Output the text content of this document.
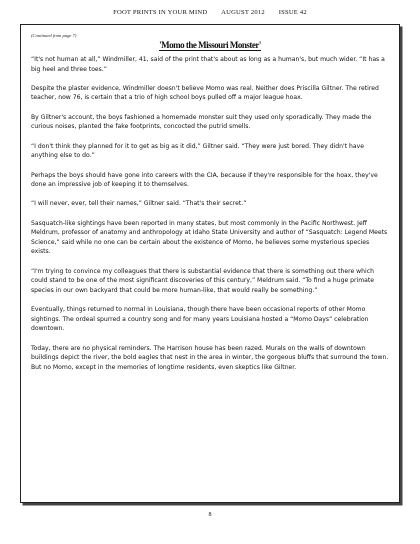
FOOT PRINTS IN YOUR MIND AUGUST 2012 ISSUE 42

(Continued from page 7)

'Momo the Missouri Monster'

“It's not human at all,” Windmiller, 41, said of the print that's about as long as a human's, but much wider. “It has a big heel and three toes.”

Despite the plaster evidence, Windmiller doesn't believe Momo was real. Neither does Priscilla Giltner. The retired teacher, now 76, is certain that a trio of high school boys pulled off a major league hoax.

By Giltner's account, the boys fashioned a homemade monster suit they used only sporadically. They made the curious noises, planted the fake footprints, concocted the putrid smells.

“I don't think they planned for it to get as big as it did,” Giltner said. “They were just bored. They didn't have anything else to do.”

Perhaps the boys should have gone into careers with the CIA, because if they're responsible for the hoax, they've done an impressive job of keeping it to themselves.

“I will never, ever, tell their names,” Giltner said. “That's their secret.”

Sasquatch-like sightings have been reported in many states, but most commonly in the Pacific Northwest. Jeff Meldrum, professor of anatomy and anthropology at Idaho State University and author of “Sasquatch: Legend Meets Science,” said while no one can be certain about the existence of Momo, he believes some mysterious species exists.

“I'm trying to convince my colleagues that there is substantial evidence that there is something out there which could stand to be one of the most significant discoveries of this century,” Meldrum said. “To find a huge primate species in our own backyard that could be more human-like, that would really be something.”

Eventually, things returned to normal in Louisiana, though there have been occasional reports of other Momo sightings. The ordeal spurred a country song and for many years Louisiana hosted a “Momo Days” celebration downtown.

Today, there are no physical reminders. The Harrison house has been razed. Murals on the walls of downtown buildings depict the river, the bold eagles that nest in the area in winter, the gorgeous bluffs that surround the town. But no Momo, except in the memories of longtime residents, even skeptics like Giltner.

8
